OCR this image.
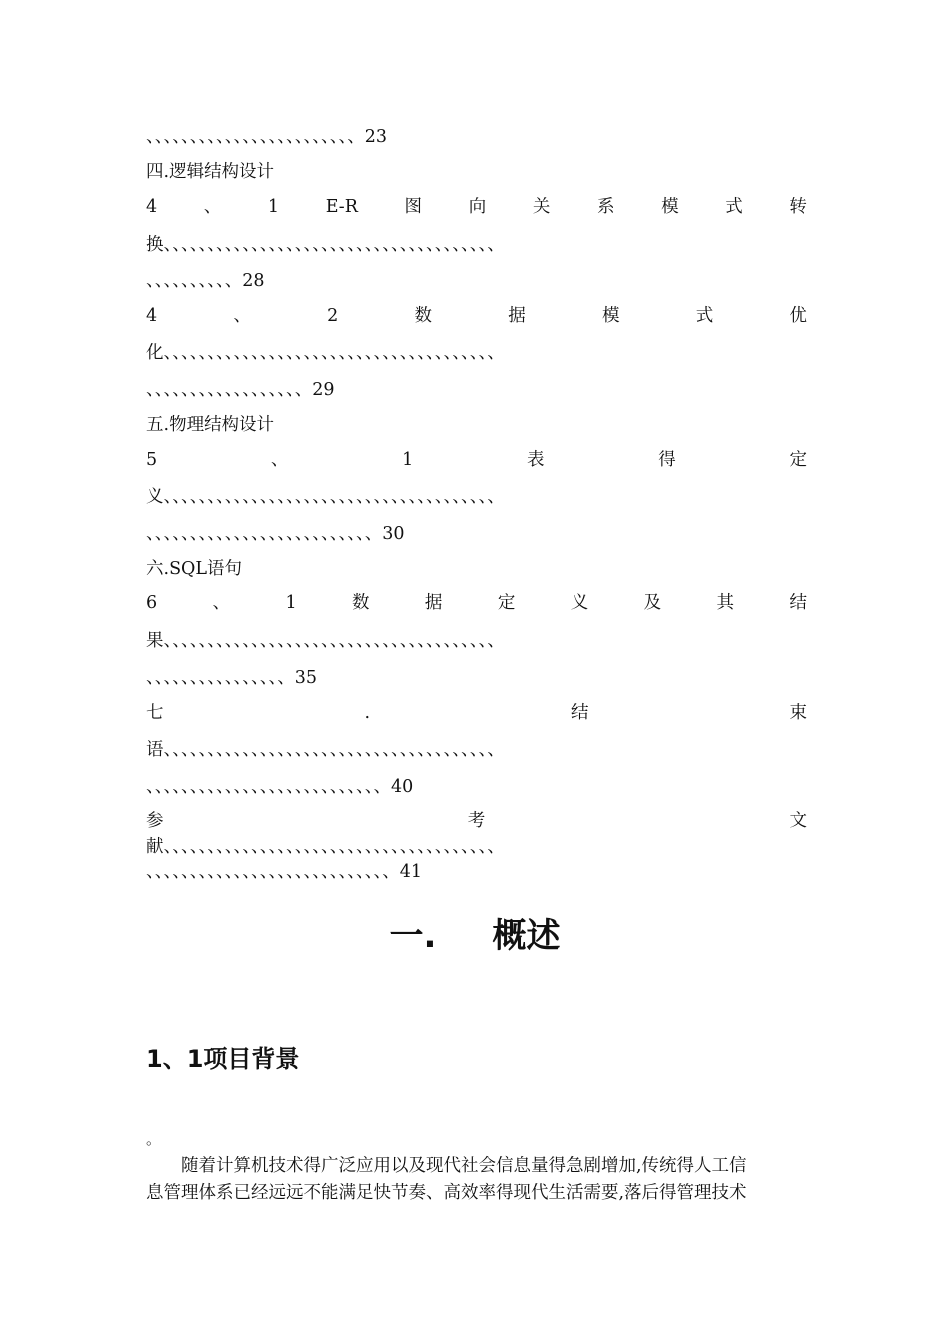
、、、、、、、、、、、、、、、、、、、、、、、、23
四.逻辑结构设计
4	、	1	E-R	图	向	关	系	模	式	转
换、、、、、、、、、、、、、、、、、、、、、、、、、、、、、、、、、、、、、、
、、、、、、、、、、28
4	、	2	数	据	模	式	优
化、、、、、、、、、、、、、、、、、、、、、、、、、、、、、、、、、、、、、、
、、、、、、、、、、、、、、、、、、29
五.物理结构设计
5	、	1	表	得	定
义、、、、、、、、、、、、、、、、、、、、、、、、、、、、、、、、、、、、、、
、、、、、、、、、、、、、、、、、、、、、、、、、、30
六.SQL语句
6	、	1	数	据	定	义	及	其	结
果、、、、、、、、、、、、、、、、、、、、、、、、、、、、、、、、、、、、、、
、、、、、、、、、、、、、、、、35
七	.	结	束
语、、、、、、、、、、、、、、、、、、、、、、、、、、、、、、、、、、、、、、
、、、、、、、、、、、、、、、、、、、、、、、、、、、40
参	考	文
献、、、、、、、、、、、、、、、、、、、、、、、、、、、、、、、、、、、、、、
、、、、、、、、、、、、、、、、、、、、、、、、、、、、41
一. 概述
1、1项目背景
。
　　随着计算机技术得广泛应用以及现代社会信息量得急剧增加,传统得人工信
息管理体系已经远远不能满足快节奏、高效率得现代生活需要,落后得管理技术
